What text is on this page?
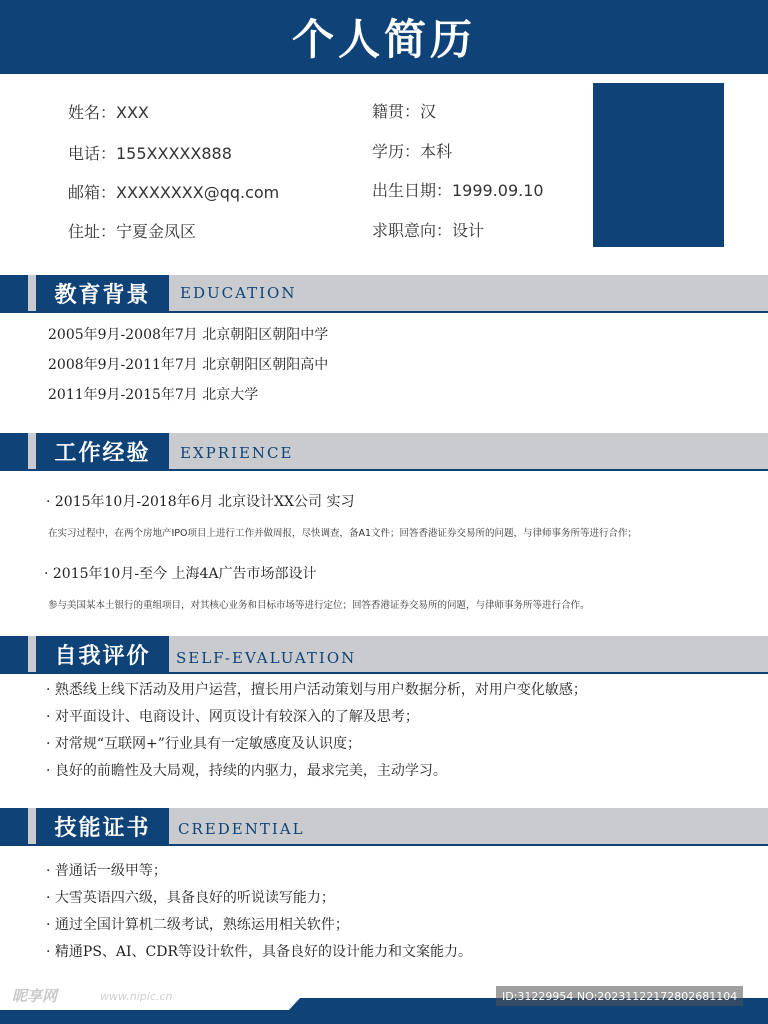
个人简历
姓名：XXX
电话：155XXXXX888
邮箱：XXXXXXXX@qq.com
住址：宁夏金凤区
籍贯：汉
学历：本科
出生日期：1999.09.10
求职意向：设计
教育背景	EDUCATION
2005年9月-2008年7月 北京朝阳区朝阳中学
2008年9月-2011年7月 北京朝阳区朝阳高中
2011年9月-2015年7月 北京大学
工作经验	EXPRIENCE
· 2015年10月-2018年6月 北京设计XX公司 实习
在实习过程中，在两个房地产IPO项目上进行工作并做周报，尽快调查，备A1文件；回答香港证券交易所的问题，与律师事务所等进行合作；
· 2015年10月-至今 上海4A广告市场部设计
参与美国某本土银行的重组项目，对其核心业务和目标市场等进行定位；回答香港证券交易所的问题，与律师事务所等进行合作。
自我评价	SELF-EVALUATION
· 熟悉线上线下活动及用户运营，擅长用户活动策划与用户数据分析，对用户变化敏感；
· 对平面设计、电商设计、网页设计有较深入的了解及思考；
· 对常规“互联网+”行业具有一定敏感度及认识度；
· 良好的前瞻性及大局观，持续的内驱力，最求完美，主动学习。
技能证书	CREDENTIAL
· 普通话一级甲等；
· 大雪英语四六级，具备良好的听说读写能力；
· 通过全国计算机二级考试，熟练运用相关软件；
· 精通PS、AI、CDR等设计软件，具备良好的设计能力和文案能力。
昵享网	www.nipic.cn	ID:31229954 NO:20231122172802681104
